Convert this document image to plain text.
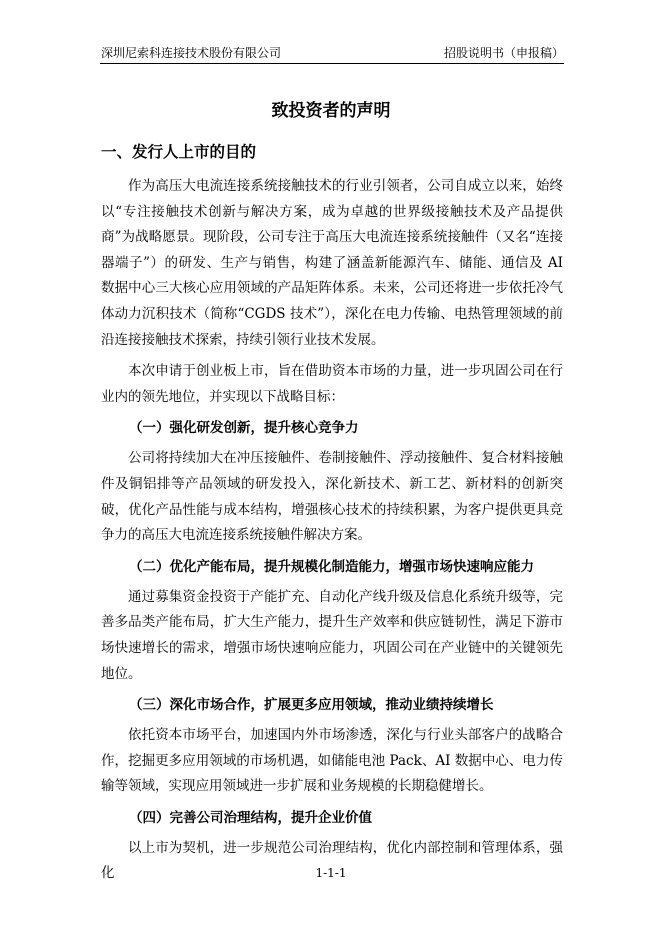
深圳尼索科连接技术股份有限公司	招股说明书（申报稿）
致投资者的声明
一、发行人上市的目的

作为高压大电流连接系统接触技术的行业引领者，公司自成立以来，始终以“专注接触技术创新与解决方案，成为卓越的世界级接触技术及产品提供商”为战略愿景。现阶段，公司专注于高压大电流连接系统接触件（又名“连接器端子”）的研发、生产与销售，构建了涵盖新能源汽车、储能、通信及 AI 数据中心三大核心应用领域的产品矩阵体系。未来，公司还将进一步依托冷气体动力沉积技术（简称“CGDS 技术”），深化在电力传输、电热管理领域的前沿连接接触技术探索，持续引领行业技术发展。

本次申请于创业板上市，旨在借助资本市场的力量，进一步巩固公司在行业内的领先地位，并实现以下战略目标：

（一）强化研发创新，提升核心竞争力

公司将持续加大在冲压接触件、卷制接触件、浮动接触件、复合材料接触件及铜铝排等产品领域的研发投入，深化新技术、新工艺、新材料的创新突破，优化产品性能与成本结构，增强核心技术的持续积累，为客户提供更具竞争力的高压大电流连接系统接触件解决方案。

（二）优化产能布局，提升规模化制造能力，增强市场快速响应能力

通过募集资金投资于产能扩充、自动化产线升级及信息化系统升级等，完善多品类产能布局，扩大生产能力，提升生产效率和供应链韧性，满足下游市场快速增长的需求，增强市场快速响应能力，巩固公司在产业链中的关键领先地位。

（三）深化市场合作，扩展更多应用领域，推动业绩持续增长

依托资本市场平台，加速国内外市场渗透，深化与行业头部客户的战略合作，挖掘更多应用领域的市场机遇，如储能电池 Pack、AI 数据中心、电力传输等领域，实现应用领域进一步扩展和业务规模的长期稳健增长。

（四）完善公司治理结构，提升企业价值

以上市为契机，进一步规范公司治理结构，优化内部控制和管理体系，强化	1-1-1
